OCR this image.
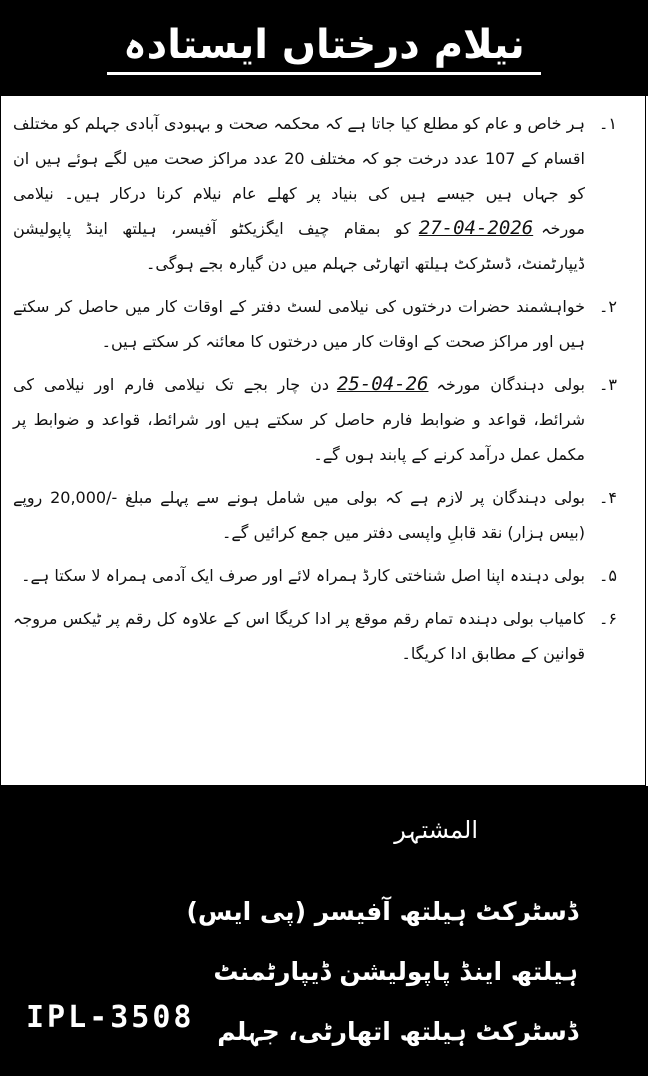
نیلام درختاں ایستادہ
۱۔
ہر خاص و عام کو مطلع کیا جاتا ہے کہ محکمہ صحت و بہبودی آبادی جہلم کو مختلف اقسام کے 107 عدد درخت جو کہ مختلف 20 عدد مراکز صحت میں لگے ہوئے ہیں ان کو جہاں ہیں جیسے ہیں کی بنیاد پر کھلے عام نیلام کرنا درکار ہیں۔ نیلامی مورخہ27-04-2026کو بمقام چیف ایگزیکٹو آفیسر، ہیلتھ اینڈ پاپولیشن ڈیپارٹمنٹ، ڈسٹرکٹ ہیلتھ اتھارٹی جہلم میں دن گیارہ بجے ہوگی۔
۲۔
خواہشمند حضرات درختوں کی نیلامی لسٹ دفتر کے اوقات کار میں حاصل کر سکتے ہیں اور مراکز صحت کے اوقات کار میں درختوں کا معائنہ کر سکتے ہیں۔
۳۔
بولی دہندگان مورخہ25-04-26دن چار بجے تک نیلامی فارم اور نیلامی کی شرائط، قواعد و ضوابط فارم حاصل کر سکتے ہیں اور شرائط، قواعد و ضوابط پر مکمل عمل درآمد کرنے کے پابند ہوں گے۔
۴۔
بولی دہندگان پر لازم ہے کہ بولی میں شامل ہونے سے پہلے مبلغ -/20,000 روپے (بیس ہزار) نقد قابلِ واپسی دفتر میں جمع کرائیں گے۔
۵۔
بولی دہندہ اپنا اصل شناختی کارڈ ہمراہ لائے اور صرف ایک آدمی ہمراہ لا سکتا ہے۔
۶۔
کامیاب بولی دہندہ تمام رقم موقع پر ادا کریگا اس کے علاوہ کل رقم پر ٹیکس مروجہ قوانین کے مطابق ادا کریگا۔
المشتہر
ڈسٹرکٹ ہیلتھ آفیسر (پی ایس)
ہیلتھ اینڈ پاپولیشن ڈیپارٹمنٹ
ڈسٹرکٹ ہیلتھ اتھارٹی، جہلم
IPL-3508
